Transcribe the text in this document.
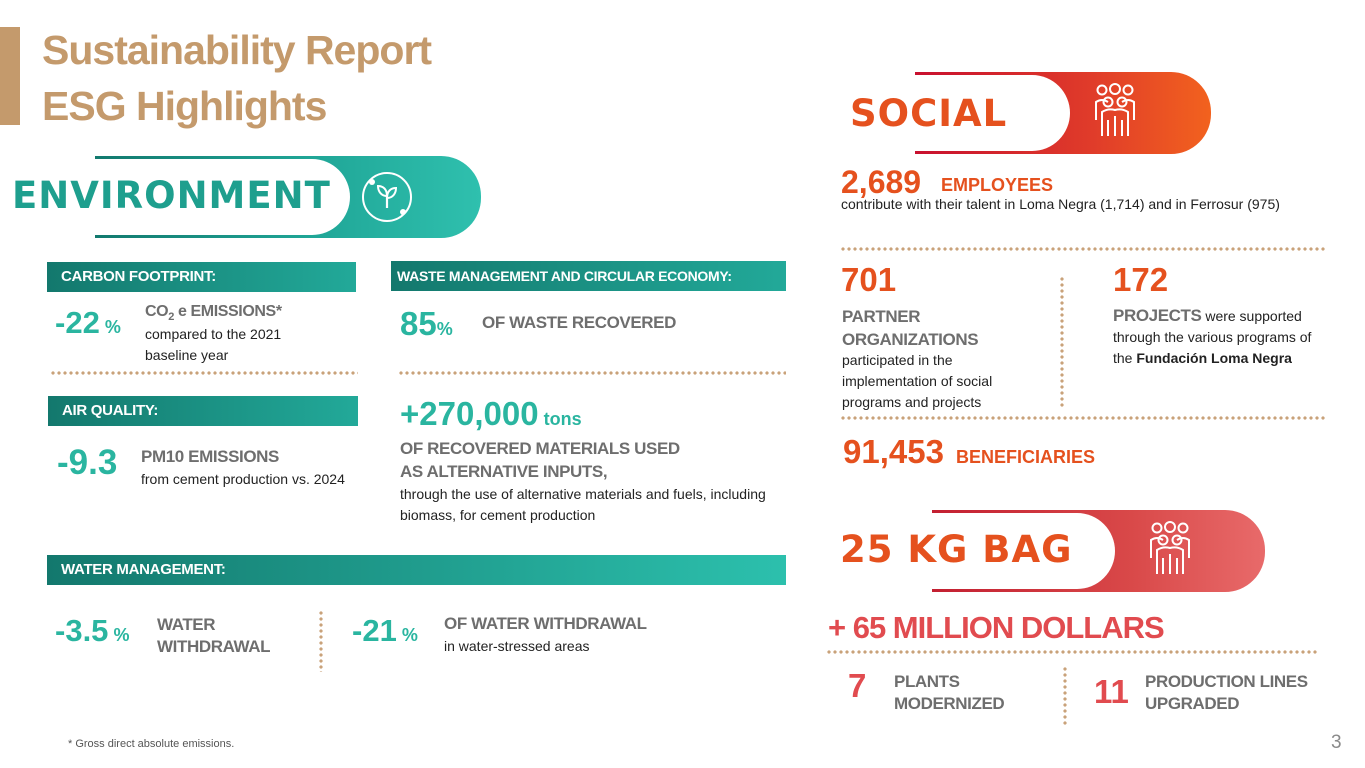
Sustainability Report
ESG Highlights
ENVIRONMENT
CARBON FOOTPRINT:
-22 %
$CO_2$ e EMISSIONS*
compared to the 2021 baseline year
AIR QUALITY:
-9.3 PM10 EMISSIONS
from cement production vs. 2024
WASTE MANAGEMENT AND CIRCULAR ECONOMY:
85% OF WASTE RECOVERED
+270,000 tons
OF RECOVERED MATERIALS USED
AS ALTERNATIVE INPUTS,
through the use of alternative materials and fuels, including biomass, for cement production
WATER MANAGEMENT:
-3.5 %
WATER
WITHDRAWAL	-21 %
OF WATER WITHDRAWAL
in water-stressed areas
SOCIAL
2,689 EMPLOYEES
contribute with their talent in Loma Negra (1,714) and in Ferrosur (975)
701
PARTNER
ORGANIZATIONS
participated in the implementation of social programs and projects
172
PROJECTS were supported through the various programs of the Fundación Loma Negra
91,453 BENEFICIARIES
25 KG BAG
+ 65 MILLION DOLLARS
7 PLANTS
MODERNIZED	11 PRODUCTION LINES
UPGRADED
* Gross direct absolute emissions.	3
